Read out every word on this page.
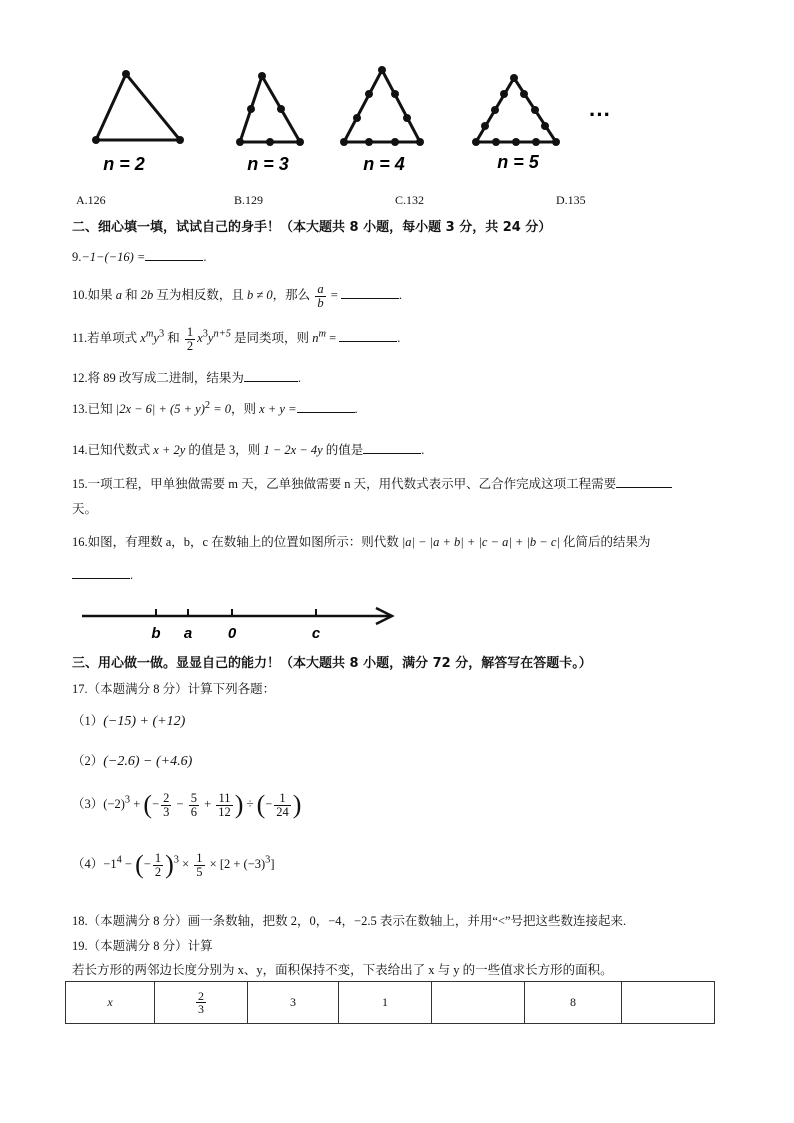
n = 2	n = 3	n = 4	n = 5
···
A.126	B.129	C.132	D.135
二、细心填一填，试试自己的身手！（本大题共 8 小题，每小题 3 分，共 24 分）
9.−1−(−16) =	.
10.如果 a 和 2b 互为相反数，且 b ≠ 0，那么 $\frac{a}{b}$ =	.
11.若单项式 $x^my^3$ 和 $\frac{1}{2} x^3y^{n+5}$ 是同类项，则 $n^m$ =	.
12.将 89 改写成二进制，结果为	.
13.已知 $|2x - 6| + (5 + y)^2 = 0$，则 x + y =	.
14.已知代数式 x + 2y 的值是 3，则 1 − 2x − 4y 的值是	.
15.一项工程，甲单独做需要 m 天，乙单独做需要 n 天，用代数式表示甲、乙合作完成这项工程需要
天。
16.如图，有理数 a，b，c 在数轴上的位置如图所示：则代数 |a| − |a + b| + |c − a| + |b − c| 化简后的结果为
.
b a 0	c
三、用心做一做。显显自己的能力！（本大题共 8 小题，满分 72 分，解答写在答题卡。）
17.（本题满分 8 分）计算下列各题：
（1）(−15) + (+12)
（2）(−2.6) − (+4.6)
$(3)(-2)^3$ + (− $\frac{2}{3} - \frac{5}{6} + \frac{11}{12}$ ) ÷ (− $\frac{1}{24}$ )
$(4)-1^4$ − (− $\frac{1}{2} )^3 \times \frac{1}{5} \times [2 + (-3)^3]$
18.（本题满分 8 分）画一条数轴，把数 2，0，−4，−2.5 表示在数轴上，并用“<”号把这些数连接起来.
19.（本题满分 8 分）计算
若长方形的两邻边长度分别为 x、y，面积保持不变，下表给出了 x 与 y 的一些值求长方形的面积。
x	$\frac{2}{3}$	3	1		8	
